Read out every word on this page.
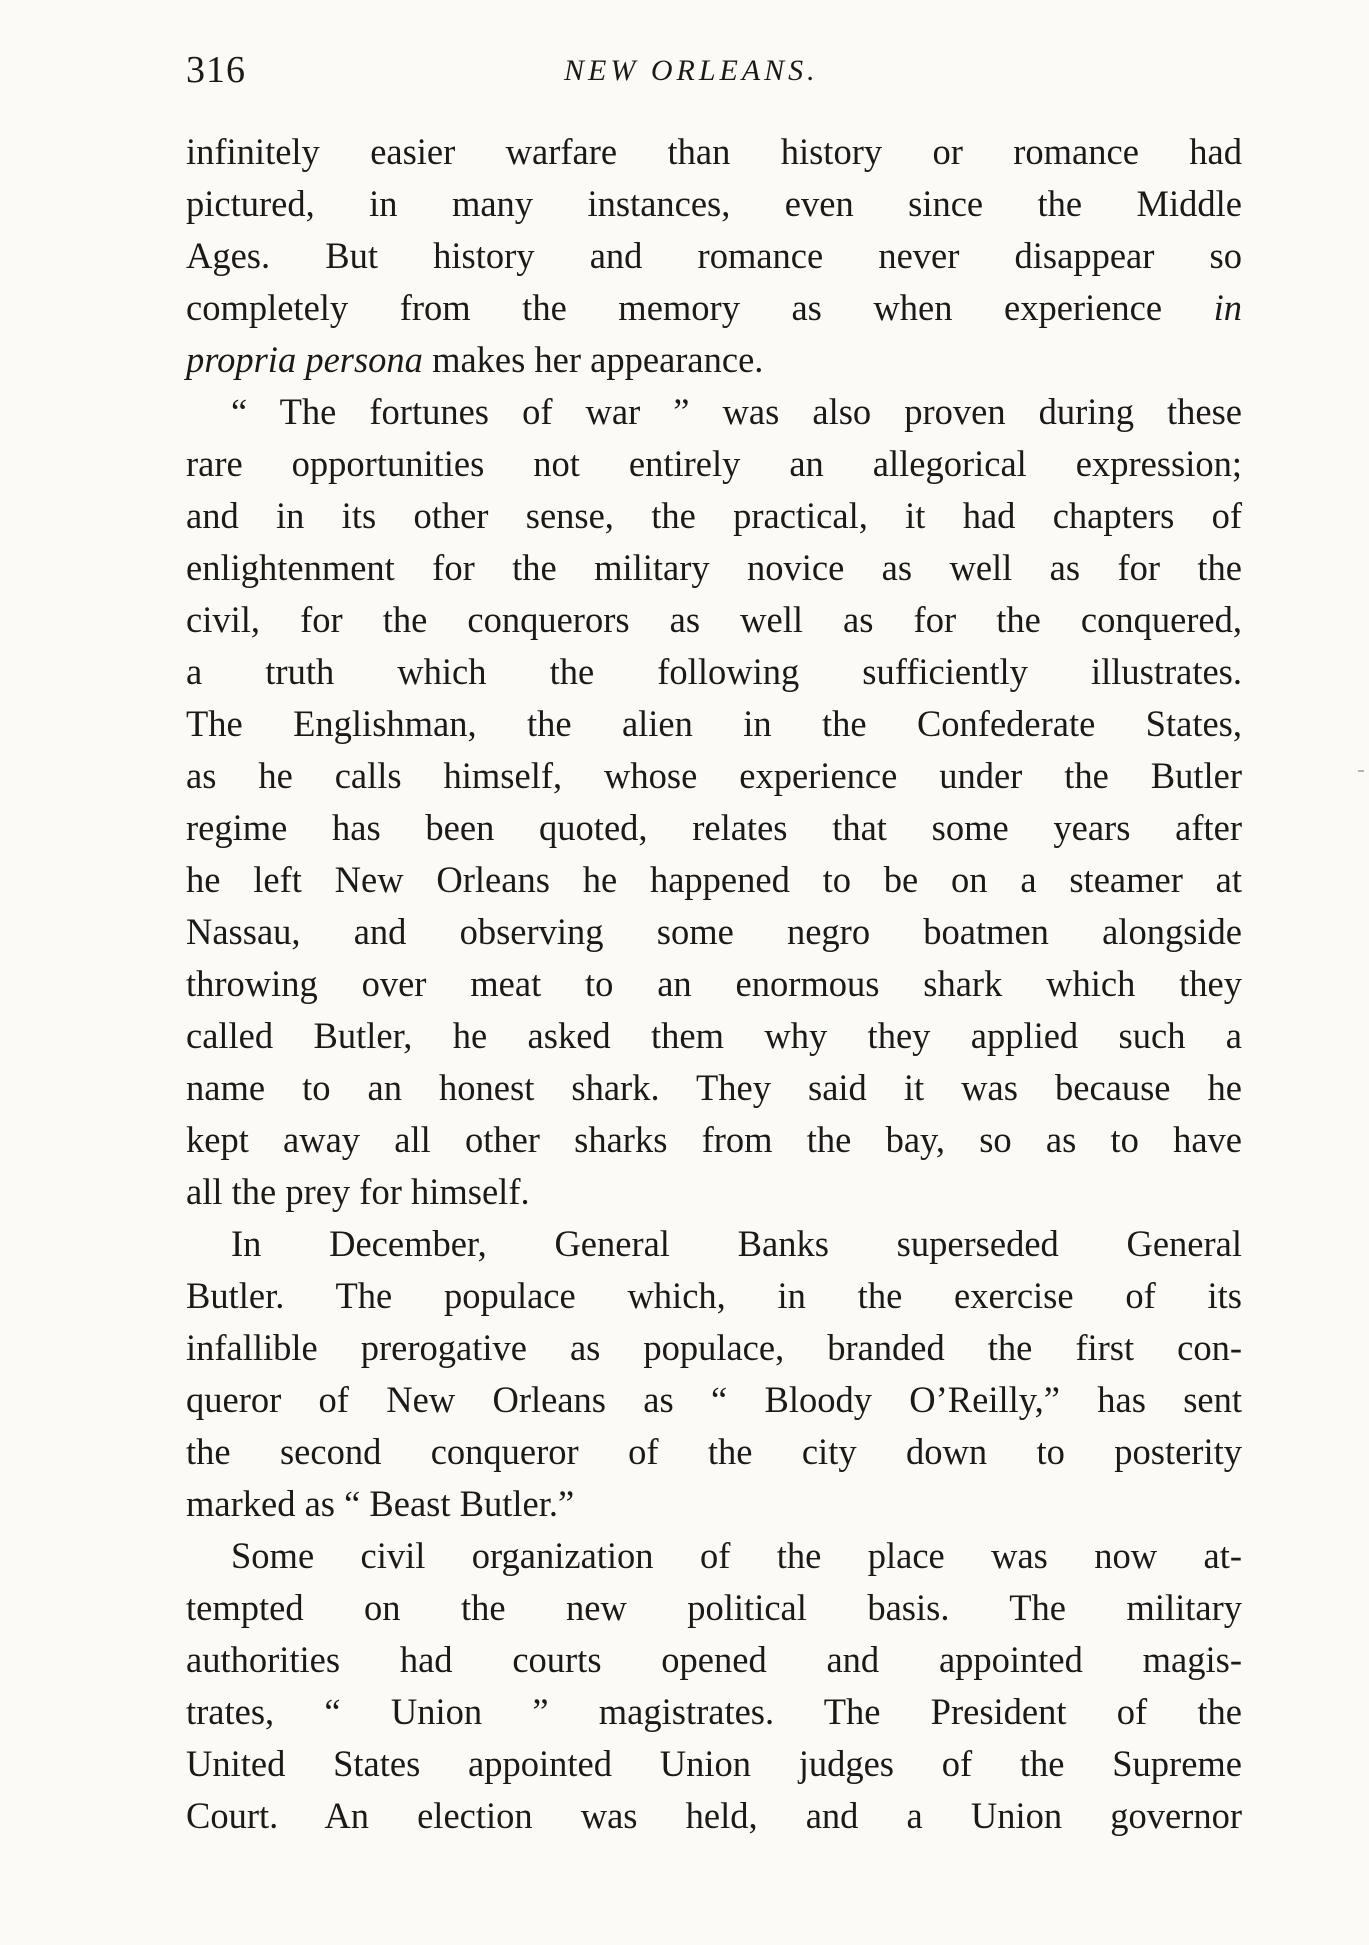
316	NEW ORLEANS.
infinitely easier warfare than history or romance had
pictured, in many instances, even since the Middle
Ages. But history and romance never disappear so
completely from the memory as when experience in
propria persona makes her appearance.
“ The fortunes of war ” was also proven during these
rare opportunities not entirely an allegorical expression;
and in its other sense, the practical, it had chapters of
enlightenment for the military novice as well as for the
civil, for the conquerors as well as for the conquered,
a truth which the following sufficiently illustrates.
The Englishman, the alien in the Confederate States,
as he calls himself, whose experience under the Butler
regime has been quoted, relates that some years after
he left New Orleans he happened to be on a steamer at
Nassau, and observing some negro boatmen alongside
throwing over meat to an enormous shark which they
called Butler, he asked them why they applied such a
name to an honest shark. They said it was because he
kept away all other sharks from the bay, so as to have
all the prey for himself.
In December, General Banks superseded General
Butler. The populace which, in the exercise of its
infallible prerogative as populace, branded the first con-
queror of New Orleans as “ Bloody O’Reilly,” has sent
the second conqueror of the city down to posterity
marked as “ Beast Butler.”
Some civil organization of the place was now at-
tempted on the new political basis. The military
authorities had courts opened and appointed magis-
trates, “ Union ” magistrates. The President of the
United States appointed Union judges of the Supreme
Court. An election was held, and a Union governor
